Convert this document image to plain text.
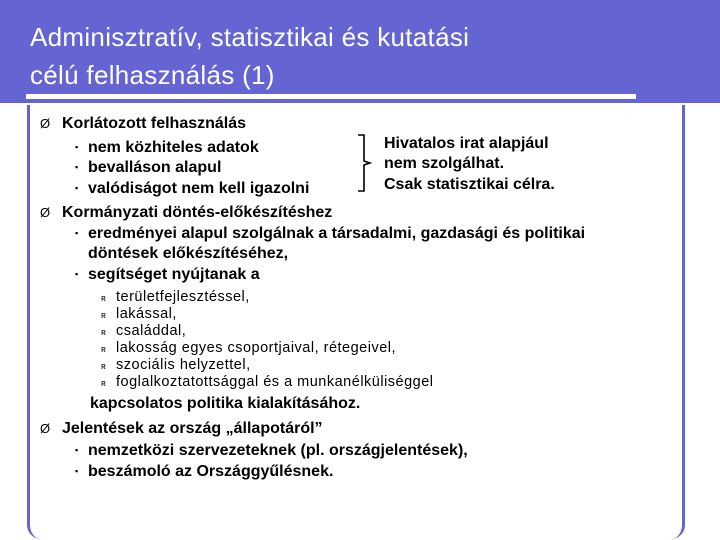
Adminisztratív, statisztikai és kutatási
célú felhasználás (1)
Ø Korlátozott felhasználás
▪ nem közhiteles adatok
▪ bevalláson alapul
▪ valódiságot nem kell igazolni
Hivatalos irat alapjául
nem szolgálhat.
Csak statisztikai célra.
Ø Kormányzati döntés-előkészítéshez
▪ eredményei alapul szolgálnak a társadalmi, gazdasági és politikai
döntések előkészítéséhez,
▪ segítséget nyújtanak a
ʀ területfejlesztéssel,
ʀ lakással,
ʀ családdal,
ʀ lakosság egyes csoportjaival, rétegeivel,
ʀ szociális helyzettel,
ʀ foglalkoztatottsággal és a munkanélküliséggel
kapcsolatos politika kialakításához.
Ø Jelentések az ország „állapotáról”
▪ nemzetközi szervezeteknek (pl. országjelentések),
▪ beszámoló az Országgyűlésnek.
